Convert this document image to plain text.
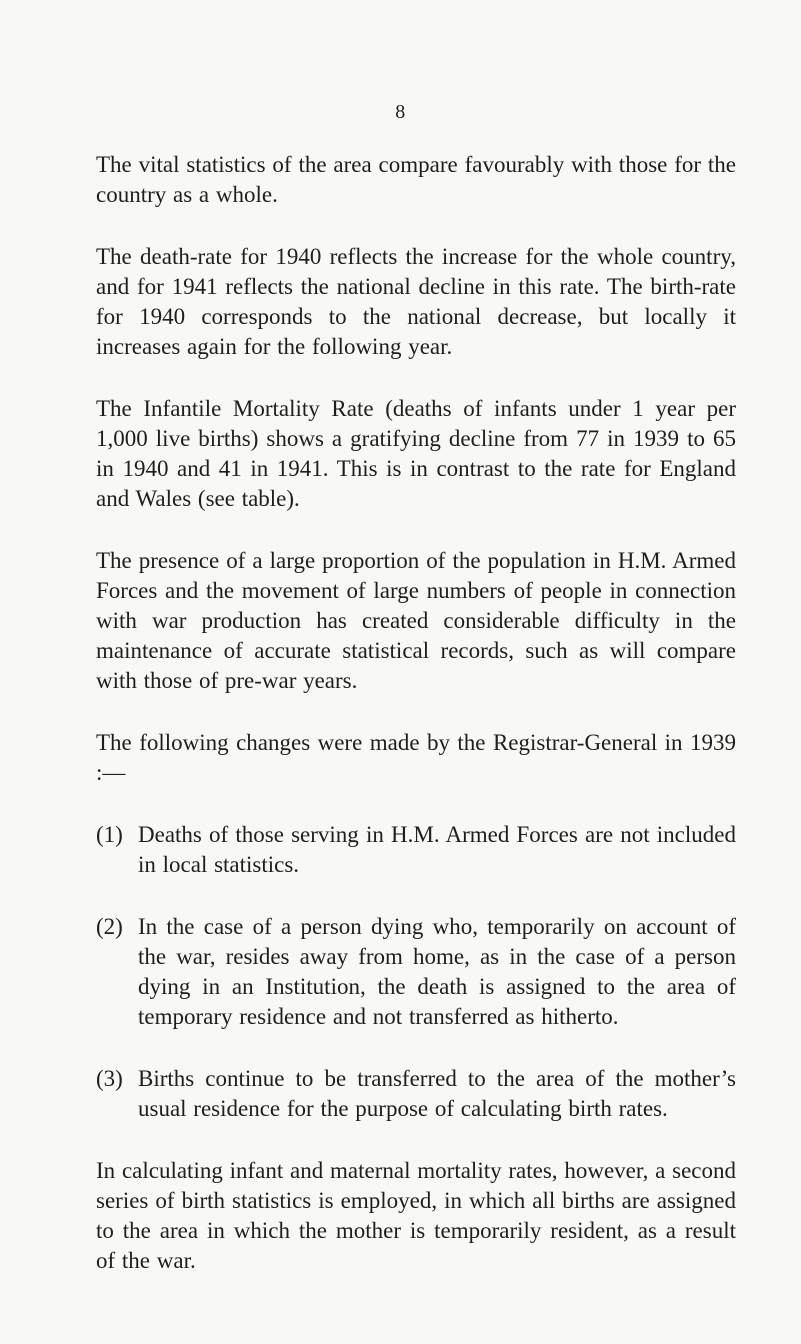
8

The vital statistics of the area compare favourably with those for the country as a whole.

The death-rate for 1940 reflects the increase for the whole country, and for 1941 reflects the national decline in this rate. The birth-rate for 1940 corresponds to the national decrease, but locally it increases again for the following year.

The Infantile Mortality Rate (deaths of infants under 1 year per 1,000 live births) shows a gratifying decline from 77 in 1939 to 65 in 1940 and 41 in 1941. This is in contrast to the rate for England and Wales (see table).

The presence of a large proportion of the population in H.M. Armed Forces and the movement of large numbers of people in connection with war production has created considerable difficulty in the maintenance of accurate statistical records, such as will compare with those of pre-war years.

The following changes were made by the Registrar-General in 1939 :—

(1) Deaths of those serving in H.M. Armed Forces are not included in local statistics.
(2) In the case of a person dying who, temporarily on account of the war, resides away from home, as in the case of a person dying in an Institution, the death is assigned to the area of temporary residence and not transferred as hitherto.
(3) Births continue to be transferred to the area of the mother’s usual residence for the purpose of calculating birth rates.

In calculating infant and maternal mortality rates, however, a second series of birth statistics is employed, in which all births are assigned to the area in which the mother is temporarily resident, as a result of the war.
